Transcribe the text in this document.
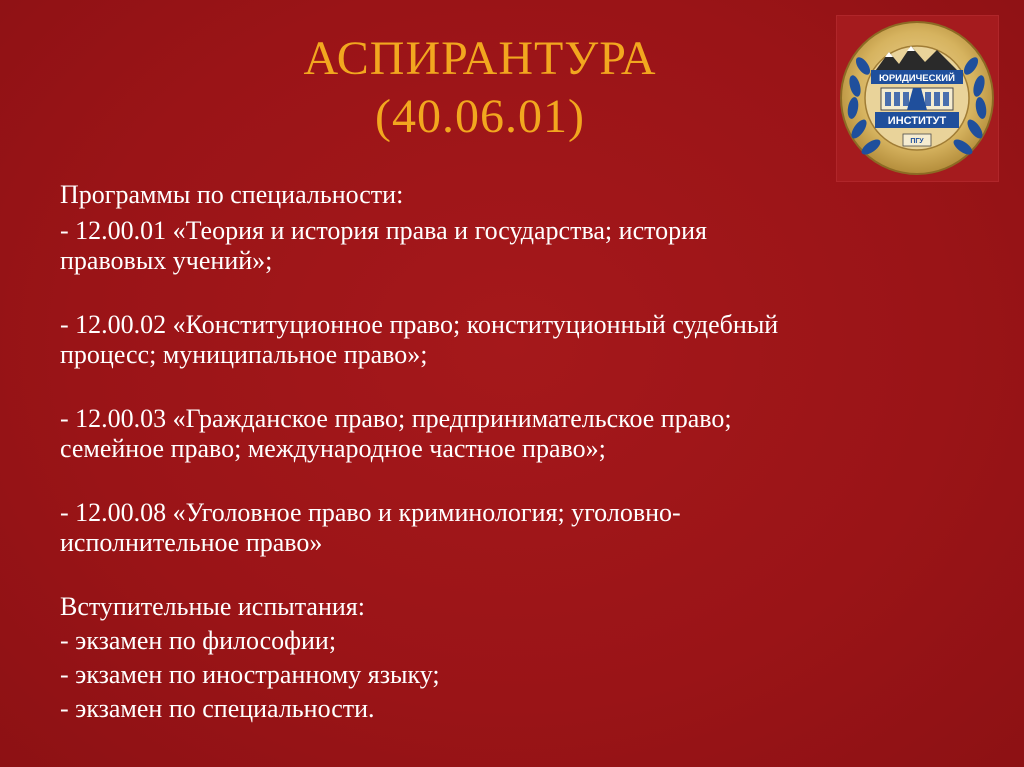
АСПИРАНТУРА
(40.06.01)
ЮРИДИЧЕСКИЙ
ИНСТИТУТ
ПГУ
Программы по специальности:
- 12.00.01 «Теория и история права и государства; история
правовых учений»;
- 12.00.02 «Конституционное право; конституционный судебный
процесс; муниципальное право»;
- 12.00.03 «Гражданское право; предпринимательское право;
семейное право; международное частное право»;
- 12.00.08 «Уголовное право и криминология; уголовно-
исполнительное право»
Вступительные испытания:
- экзамен по философии;
- экзамен по иностранному языку;
- экзамен по специальности.
